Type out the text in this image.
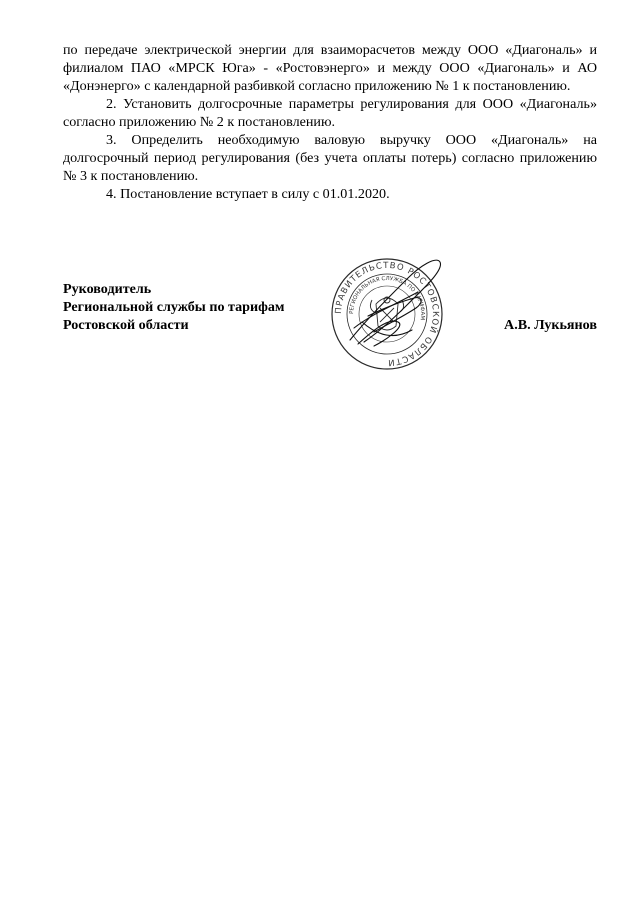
по передаче электрической энергии для взаиморасчетов между ООО «Диагональ» и филиалом ПАО «МРСК Юга» - «Ростовэнерго» и между ООО «Диагональ» и АО «Донэнерго» с календарной разбивкой согласно приложению № 1 к постановлению.

2. Установить долгосрочные параметры регулирования для ООО «Диагональ» согласно приложению № 2 к постановлению.

3. Определить необходимую валовую выручку ООО «Диагональ» на долгосрочный период регулирования (без учета оплаты потерь) согласно приложению № 3 к постановлению.

4. Постановление вступает в силу с 01.01.2020.

Руководитель
Региональной службы по тарифам
Ростовской области	А.В. Лукьянов
ПРАВИТЕЛЬСТВО РОСТОВСКОЙ ОБЛАСТИ
РЕГИОНАЛЬНАЯ СЛУЖБА ПО ТАРИФАМ
